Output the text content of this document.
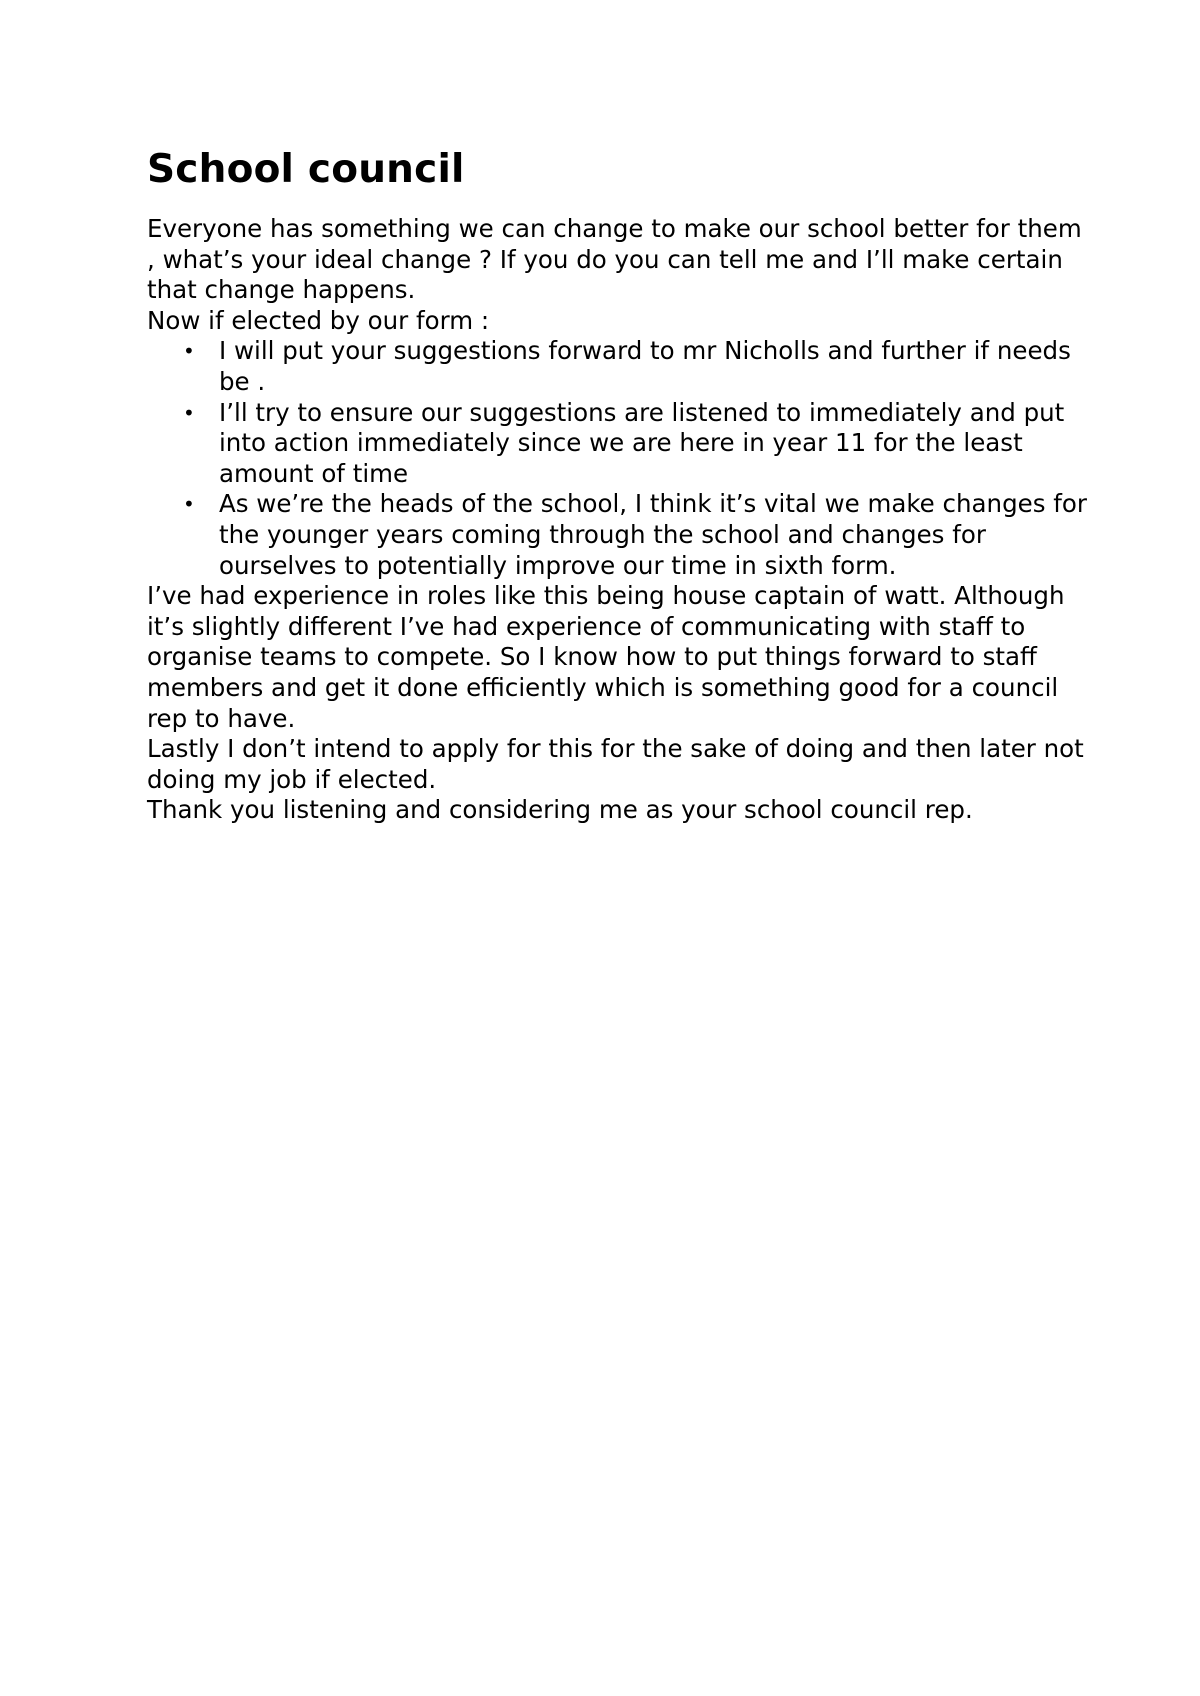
School council

Everyone has something we can change to make our school better for them , what’s your ideal change ? If you do you can tell me and I’ll make certain that change happens.

Now if elected by our form :

• I will put your suggestions forward to mr Nicholls and further if needs be .
• I’ll try to ensure our suggestions are listened to immediately and put into action immediately since we are here in year 11 for the least amount of time
• As we’re the heads of the school, I think it’s vital we make changes for the younger years coming through the school and changes for ourselves to potentially improve our time in sixth form.

I’ve had experience in roles like this being house captain of watt. Although it’s slightly different I’ve had experience of communicating with staff to organise teams to compete. So I know how to put things forward to staff members and get it done efficiently which is something good for a council rep to have.

Lastly I don’t intend to apply for this for the sake of doing and then later not doing my job if elected.

Thank you listening and considering me as your school council rep.
